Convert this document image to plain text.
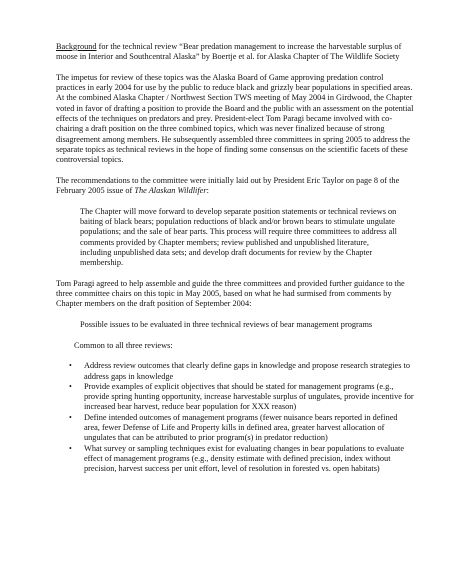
Background for the technical review “Bear predation management to increase the harvestable surplus of moose in Interior and Southcentral Alaska” by Boertje et al. for Alaska Chapter of The Wildlife Society

The impetus for review of these topics was the Alaska Board of Game approving predation control practices in early 2004 for use by the public to reduce black and grizzly bear populations in specified areas. At the combined Alaska Chapter / Northwest Section TWS meeting of May 2004 in Girdwood, the Chapter voted in favor of drafting a position to provide the Board and the public with an assessment on the potential effects of the techniques on predators and prey. President-elect Tom Paragi became involved with co-chairing a draft position on the three combined topics, which was never finalized because of strong disagreement among members. He subsequently assembled three committees in spring 2005 to address the separate topics as technical reviews in the hope of finding some consensus on the scientific facets of these controversial topics.

The recommendations to the committee were initially laid out by President Eric Taylor on page 8 of the February 2005 issue of The Alaskan Wildlifer:

The Chapter will move forward to develop separate position statements or technical reviews on baiting of black bears; population reductions of black and/or brown bears to stimulate ungulate populations; and the sale of bear parts. This process will require three committees to address all comments provided by Chapter members; review published and unpublished literature, including unpublished data sets; and develop draft documents for review by the Chapter membership.

Tom Paragi agreed to help assemble and guide the three committees and provided further guidance to the three committee chairs on this topic in May 2005, based on what he had surmised from comments by Chapter members on the draft position of September 2004:

Possible issues to be evaluated in three technical reviews of bear management programs

Common to all three reviews:

• Address review outcomes that clearly define gaps in knowledge and propose research strategies to address gaps in knowledge
• Provide examples of explicit objectives that should be stated for management programs (e.g., provide spring hunting opportunity, increase harvestable surplus of ungulates, provide incentive for increased bear harvest, reduce bear population for XXX reason)
• Define intended outcomes of management programs (fewer nuisance bears reported in defined area, fewer Defense of Life and Property kills in defined area, greater harvest allocation of ungulates that can be attributed to prior program(s) in predator reduction)
• What survey or sampling techniques exist for evaluating changes in bear populations to evaluate effect of management programs (e.g., density estimate with defined precision, index without precision, harvest success per unit effort, level of resolution in forested vs. open habitats)
